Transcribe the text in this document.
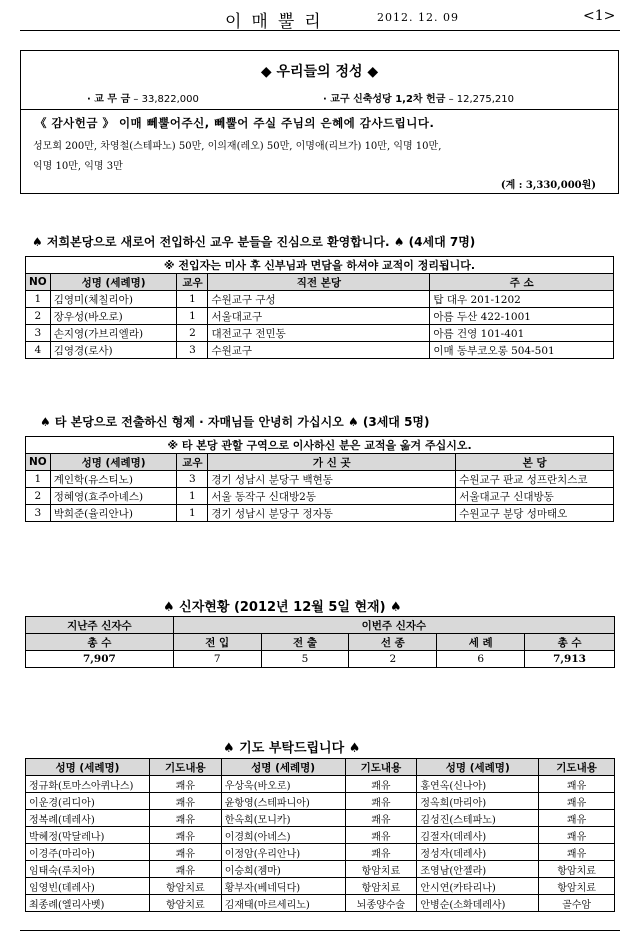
이매뿔리	2012. 12. 09	<1>
◆ 우리들의 정성 ◆
· 교 무 금 – 33,822,000	· 교구 신축성당 1,2차 헌금 – 12,275,210
《 감사헌금 》 이매 뻬뿔어주신, 뻬뿔어 주실 주님의 은혜에 감사드립니다.
성모회 200만, 차영철(스테파노) 50만, 이의재(레오) 50만, 이명애(리브가) 10만, 익명 10만,
익명 10만, 익명 3만
(계 : 3,330,000원)
♠ 저희본당으로 새로어 전입하신 교우 분들을 진심으로 환영합니다. ♠ (4세대 7명)
※ 전입자는 미사 후 신부님과 면담을 하셔야 교적이 정리됩니다.				
NO	성명 (세례명)	교우	직전 본당	주 소
1	김영미(체칠리아)	1	수원교구 구성	탑 대우 201-1202
2	장우성(바오로)	1	서울대교구	아름 두산 422-1001
3	손지영(가브리엘라)	2	대전교구 전민동	아름 건영 101-401
4	김영경(로사)	3	수원교구	이매 동부코오롱 504-501
♠ 타 본당으로 전출하신 형제 · 자매님들 안녕히 가십시오 ♠ (3세대 5명)
※ 타 본당 관할 구역으로 이사하신 분은 교적을 옮겨 주십시오.				
NO	성명 (세례명)	교우	가 신 곳	본 당
1	계인학(유스티노)	3	경기 성남시 분당구 백현동	수원교구 판교 성프란치스코
2	정혜영(효주아녜스)	1	서울 동작구 신대방2동	서울대교구 신대방동
3	박희준(율리안나)	1	경기 성남시 분당구 정자동	수원교구 분당 성마태오
♠ 신자현황 (2012년 12월 5일 현재) ♠
지난주 신자수	이번주 신자수				
총 수	전 입	전 출	선 종	세 례	총 수
7,907	7	5	2	6	7,913
♠ 기도 부탁드립니다 ♠
성명 (세례명)	기도내용	성명 (세례명)	기도내용	성명 (세례명)	기도내용
정규화(토마스아퀴나스)	쾌유	우상욱(바오로)	쾌유	홍연옥(신나아)	쾌유
이운경(리디아)	쾌유	윤항영(스테파니아)	쾌유	정옥희(마리아)	쾌유
정복례(데레사)	쾌유	한옥희(모니카)	쾌유	김성진(스테파노)	쾌유
박혜정(막달레나)	쾌유	이경희(아녜스)	쾌유	김절자(데레사)	쾌유
이경주(마리아)	쾌유	이정암(우리안나)	쾌유	정성자(데레사)	쾌유
임태숙(루치아)	쾌유	이승희(젬마)	항암치료	조영남(안젤라)	항암치료
임영빈(데레사)	항암치료	황부자(베네딕다)	항암치료	안시연(카타리나)	항암치료
최종례(엘리사벳)	항암치료	김재태(마르세리노)	뇌종양수술	안병순(소화데레사)	골수암
